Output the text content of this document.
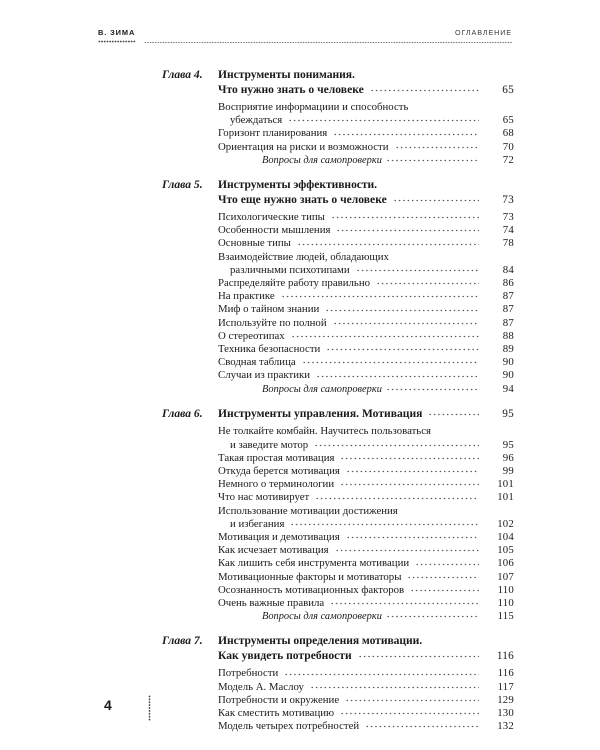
В. ЗИМА	ОГЛАВЛЕНИЕ
Глава 4.	Инструменты понимания.
Что нужно знать о человеке	65
Восприятие информациии и способность
убеждаться	65
Горизонт планирования	68
Ориентация на риски и возможности	70
Вопросы для самопроверки	72
Глава 5.	Инструменты эффективности.
Что еще нужно знать о человеке	73
Психологические типы	73
Особенности мышления	74
Основные типы	78
Взаимодействие людей, обладающих
различными психотипами	84
Распределяйте работу правильно	86
На практике	87
Миф о тайном знании	87
Используйте по полной	87
О стереотипах	88
Техника безопасности	89
Сводная таблица	90
Случаи из практики	90
Вопросы для самопроверки	94
Глава 6.	Инструменты управления. Мотивация	95
Не толкайте комбайн. Научитесь пользоваться
и заведите мотор	95
Такая простая мотивация	96
Откуда берется мотивация	99
Немного о терминологии	101
Что нас мотивирует	101
Использование мотивации достижения
и избегания	102
Мотивация и демотивация	104
Как исчезает мотивация	105
Как лишить себя инструмента мотивации	106
Мотивационные факторы и мотиваторы	107
Осознанность мотивационных факторов	110
Очень важные правила	110
Вопросы для самопроверки	115
Глава 7.	Инструменты определения мотивации.
Как увидеть потребности	116
Потребности	116
Модель А. Маслоу	117
Потребности и окружение	129
Как сместить мотивацию	130
Модель четырех потребностей	132
4
